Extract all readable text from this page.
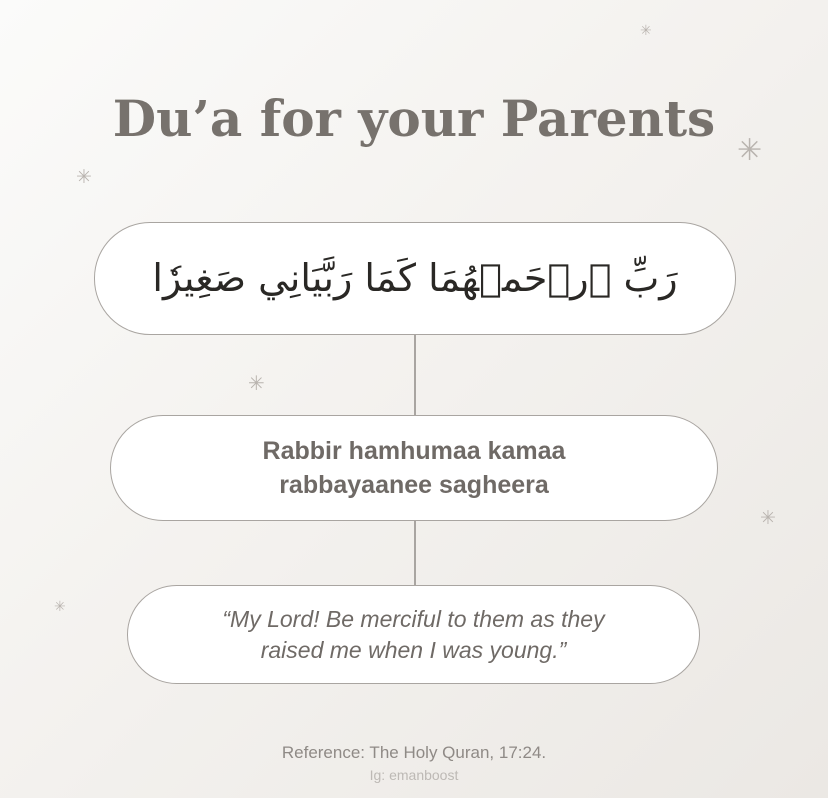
Du’a for your Parents
رَبِّ ٱرۡحَمۡهُمَا كَمَا رَبَّيَانِي صَغِيرٗا
Rabbir hamhumaa kamaa
rabbayaanee sagheera
“My Lord! Be merciful to them as they
raised me when I was young.”
Reference: The Holy Quran, 17:24.
Ig: emanboost
✳
✳
✳
✳
✳
✳
